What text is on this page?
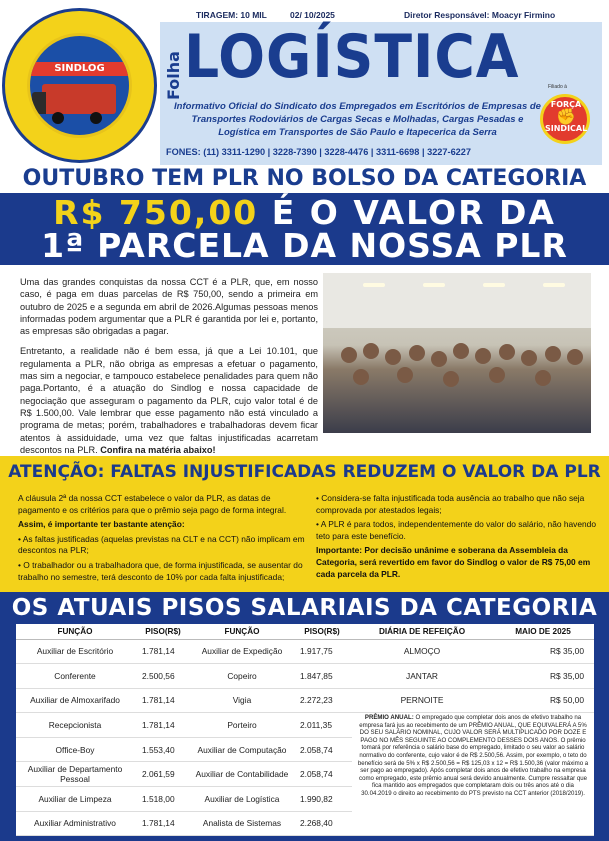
SINDLOG
TIRAGEM: 10 MIL	02/ 10/2025	Diretor Responsável: Moacyr Firmino
Folha LOGÍSTICA
Informativo Oficial do Sindicato dos Empregados em Escritórios de Empresas de Transportes Rodoviários de Cargas Secas e Molhadas, Cargas Pesadas e Logística em Transportes de São Paulo e Itapecerica da Serra
FONES: (11) 3311-1290 | 3228-7390 | 3228-4476 | 3311-6698 | 3227-6227
Filiado à
FORÇA
✊
SINDICAL
OUTUBRO TEM PLR NO BOLSO DA CATEGORIA
R$ 750,00 É O VALOR DA
1ª PARCELA DA NOSSA PLR

Uma das grandes conquistas da nossa CCT é a PLR, que, em nosso caso, é paga em duas parcelas de R$ 750,00, sendo a primeira em outubro de 2025 e a segunda em abril de 2026.Algumas pessoas menos informadas podem argumentar que a PLR é garantida por lei e, portanto, as empresas são obrigadas a pagar.

Entretanto, a realidade não é bem essa, já que a Lei 10.101, que regulamenta a PLR, não obriga as empresas a efetuar o pagamento, mas sim a negociar, e tampouco estabelece penalidades para quem não paga.Portanto, é a atuação do Sindlog e nossa capacidade de negociação que asseguram o pagamento da PLR, cujo valor total é de R$ 1.500,00. Vale lembrar que esse pagamento não está vinculado a programa de metas; porém, trabalhadores e trabalhadoras devem ficar atentos à assiduidade, uma vez que faltas injustificadas acarretam descontos na PLR. Confira na matéria abaixo!

ATENÇÃO: FALTAS INJUSTIFICADAS REDUZEM O VALOR DA PLR

A cláusula 2ª da nossa CCT estabelece o valor da PLR, as datas de pagamento e os critérios para que o prêmio seja pago de forma integral.

Assim, é importante ter bastante atenção:

• As faltas justificadas (aquelas previstas na CLT e na CCT) não implicam em descontos na PLR;

• O trabalhador ou a trabalhadora que, de forma injustificada, se ausentar do trabalho no semestre, terá desconto de 10% por cada falta injustificada;

• Considera-se falta injustificada toda ausência ao trabalho que não seja comprovada por atestados legais;

• A PLR é para todos, independentemente do valor do salário, não havendo teto para este benefício.

Importante: Por decisão unânime e soberana da Assembleia da Categoria, será revertido em favor do Sindlog o valor de R$ 75,00 em cada parcela da PLR.

OS ATUAIS PISOS SALARIAIS DA CATEGORIA
FUNÇÃO	PISO(R$)	FUNÇÃO	PISO(R$)	DIÁRIA DE REFEIÇÃO	MAIO DE 2025
Auxiliar de Escritório	1.781,14	Auxiliar de Expedição	1.917,75	ALMOÇO	R$ 35,00
Conferente	2.500,56	Copeiro	1.847,85	JANTAR	R$ 35,00
Auxiliar de Almoxarifado	1.781,14	Vigia	2.272,23	PERNOITE	R$ 50,00
Recepcionista	1.781,14	Porteiro	2.011,35		
Office-Boy	1.553,40	Auxiliar de Computação	2.058,74		
Auxiliar de Departamento Pessoal	2.061,59	Auxiliar de Contabilidade	2.058,74		
Auxiliar de Limpeza	1.518,00	Auxiliar de Logística	1.990,82		
Auxiliar Administrativo	1.781,14	Analista de Sistemas	2.268,40		
PRÊMIO ANUAL: O empregado que completar dois anos de efetivo trabalho na empresa fará jus ao recebimento de um PRÊMIO ANUAL, QUE EQUIVALERÁ A 5% DO SEU SALÁRIO NOMINAL, CUJO VALOR SERÁ MULTIPLICADO POR DOZE E PAGO NO MÊS SEGUINTE AO COMPLEMENTO DESSES DOIS ANOS. O prêmio tomará por referência o salário base do empregado, limitado o seu valor ao salário normativo do conferente, cujo valor é de R$ 2.500,56. Assim, por exemplo, o teto do benefício será de 5% x R$ 2.500,56 = R$ 125,03 x 12 = R$ 1.500,36 (valor máximo a ser pago ao empregado). Após completar dois anos de efetivo trabalho na empresa como empregado, este prêmio anual será devido anualmente. Cumpre ressaltar que fica mantido aos empregados que completaram dois ou três anos até o dia 30.04.2019 o direito ao recebimento do PTS previsto na CCT anterior (2018/2019).
